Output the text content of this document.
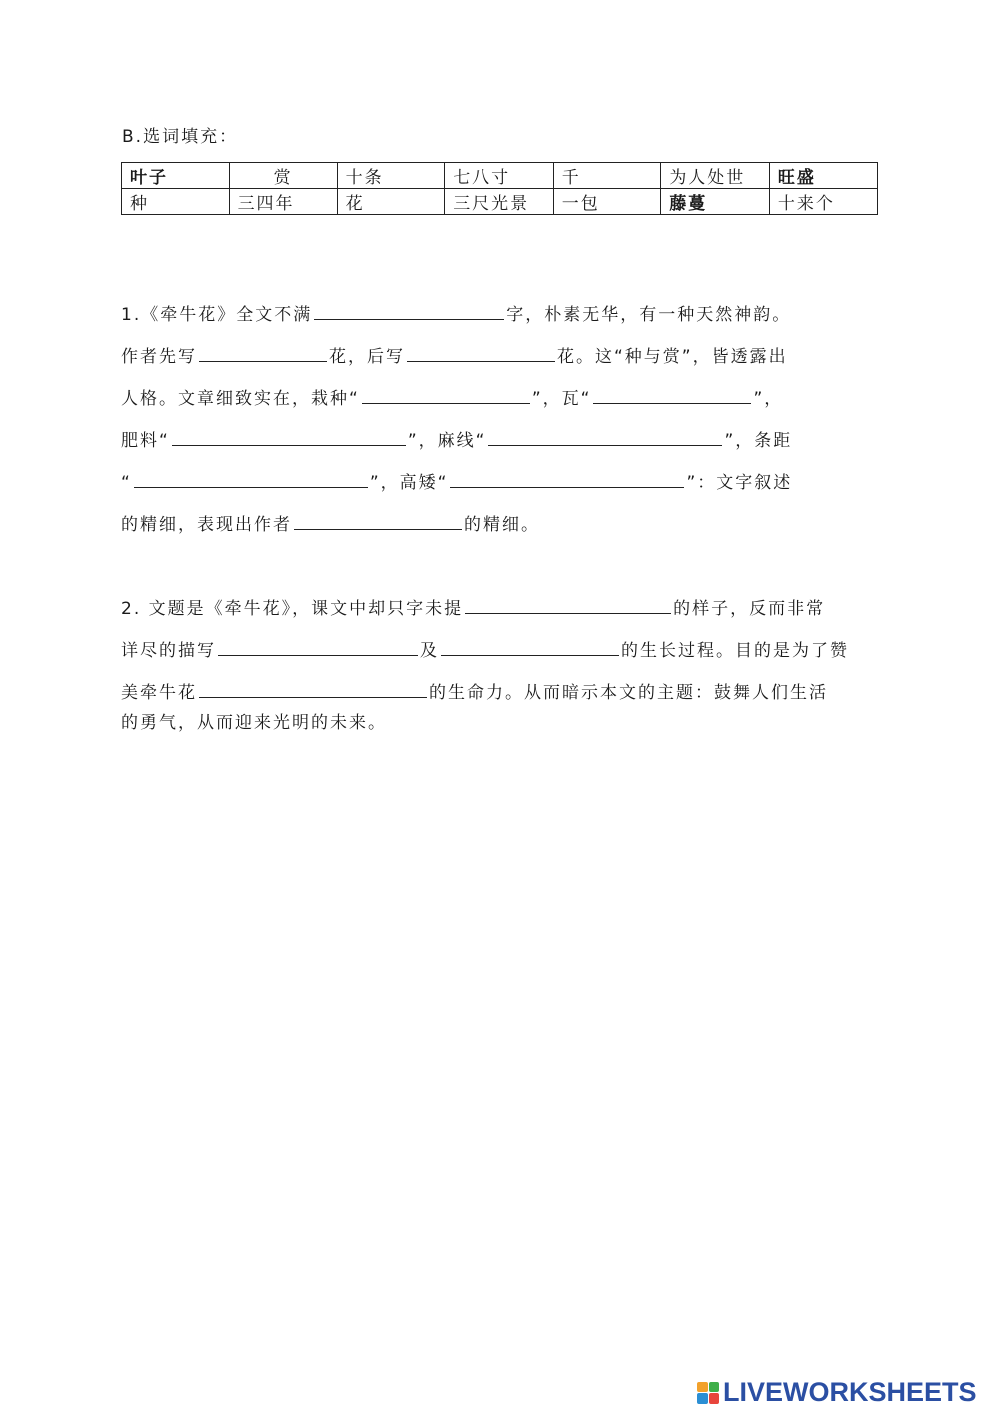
B.选词填充：
叶子	赏	十条	七八寸	千	为人处世	旺盛
种	三四年	花	三尺光景	一包	藤蔓	十来个
1.《牵牛花》全文不满	字，朴素无华，有一种天然神韵。
作者先写	花，后写	花。这“种与赏”，皆透露出
人格。文章细致实在，栽种“	”，瓦“	”，
肥料“	”，麻线“	”，条距
“	”，高矮“	”：文字叙述
的精细，表现出作者	的精细。
2. 文题是《牵牛花》，课文中却只字未提	的样子，反而非常
详尽的描写	及	的生长过程。目的是为了赞
美牵牛花	的生命力。从而暗示本文的主题：鼓舞人们生活
的勇气，从而迎来光明的未来。
LIVEWORKSHEETS
